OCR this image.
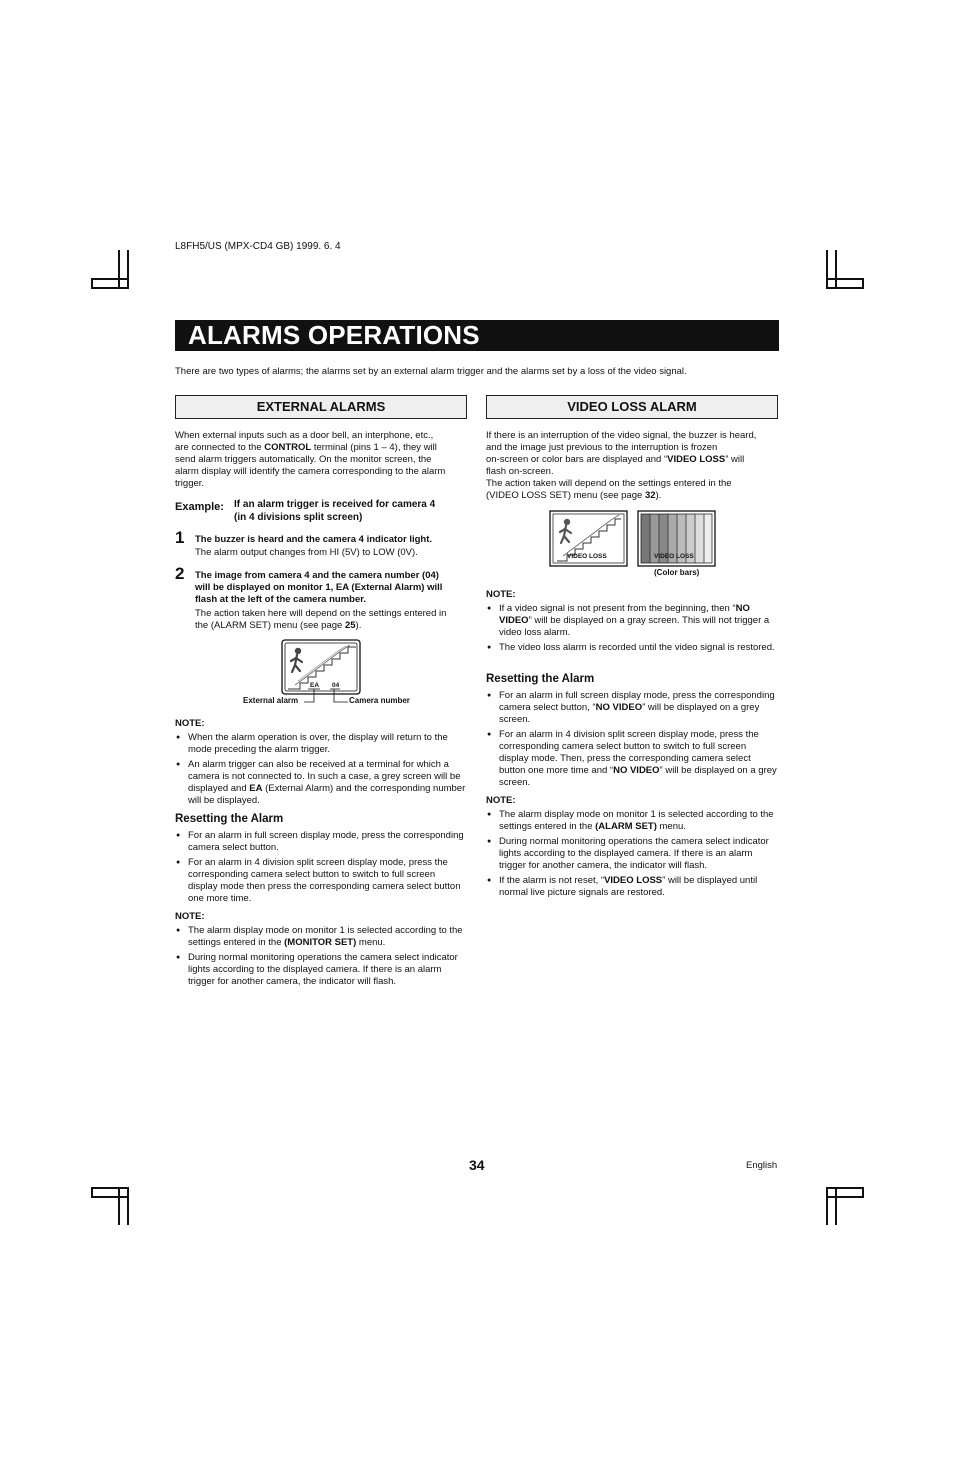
L8FH5/US (MPX-CD4 GB) 1999. 6. 4
ALARMS OPERATIONS
There are two types of alarms; the alarms set by an external alarm trigger and the alarms set by a loss of the video signal.
EXTERNAL ALARMS

When external inputs such as a door bell, an interphone, etc.,

are connected to the CONTROL terminal (pins 1 – 4), they will

send alarm triggers automatically. On the monitor screen, the

alarm display will identify the camera corresponding to the alarm

trigger.

Example: If an alarm trigger is received for camera 4
(in 4 divisions split screen)
1 The buzzer is heard and the camera 4 indicator light.
The alarm output changes from HI (5V) to LOW (0V).
2 The image from camera 4 and the camera number (04)
will be displayed on monitor 1, EA (External Alarm) will
flash at the left of the camera number.
The action taken here will depend on the settings entered in
the (ALARM SET) menu (see page 25).
EA 04
External alarm	Camera number
NOTE:
● When the alarm operation is over, the display will return to the mode preceding the alarm trigger.
● An alarm trigger can also be received at a terminal for which a camera is not connected to. In such a case, a grey screen will be displayed and EA (External Alarm) and the corresponding number will be displayed.
Resetting the Alarm
● For an alarm in full screen display mode, press the corresponding camera select button.
● For an alarm in 4 division split screen display mode, press the corresponding camera select button to switch to full screen display mode then press the corresponding camera select button one more time.
NOTE:
● The alarm display mode on monitor 1 is selected according to the settings entered in the (MONITOR SET) menu.
● During normal monitoring operations the camera select indicator lights according to the displayed camera. If there is an alarm trigger for another camera, the indicator will flash.
VIDEO LOSS ALARM

If there is an interruption of the video signal, the buzzer is heard,

and the image just previous to the interruption is frozen

on-screen or color bars are displayed and “VIDEO LOSS” will

flash on-screen.

The action taken will depend on the settings entered in the

(VIDEO LOSS SET) menu (see page 32).

VIDEO LOSS	VIDEO LOSS
(Color bars)
NOTE:
● If a video signal is not present from the beginning, then “NO VIDEO” will be displayed on a gray screen. This will not trigger a video loss alarm.
● The video loss alarm is recorded until the video signal is restored.
Resetting the Alarm
● For an alarm in full screen display mode, press the corresponding camera select button, “NO VIDEO” will be displayed on a grey screen.
● For an alarm in 4 division split screen display mode, press the corresponding camera select button to switch to full screen display mode. Then, press the corresponding camera select button one more time and “NO VIDEO” will be displayed on a grey screen.
NOTE:
● The alarm display mode on monitor 1 is selected according to the settings entered in the (ALARM SET) menu.
● During normal monitoring operations the camera select indicator lights according to the displayed camera. If there is an alarm trigger for another camera, the indicator will flash.
● If the alarm is not reset, “VIDEO LOSS” will be displayed until normal live picture signals are restored.
34	English
